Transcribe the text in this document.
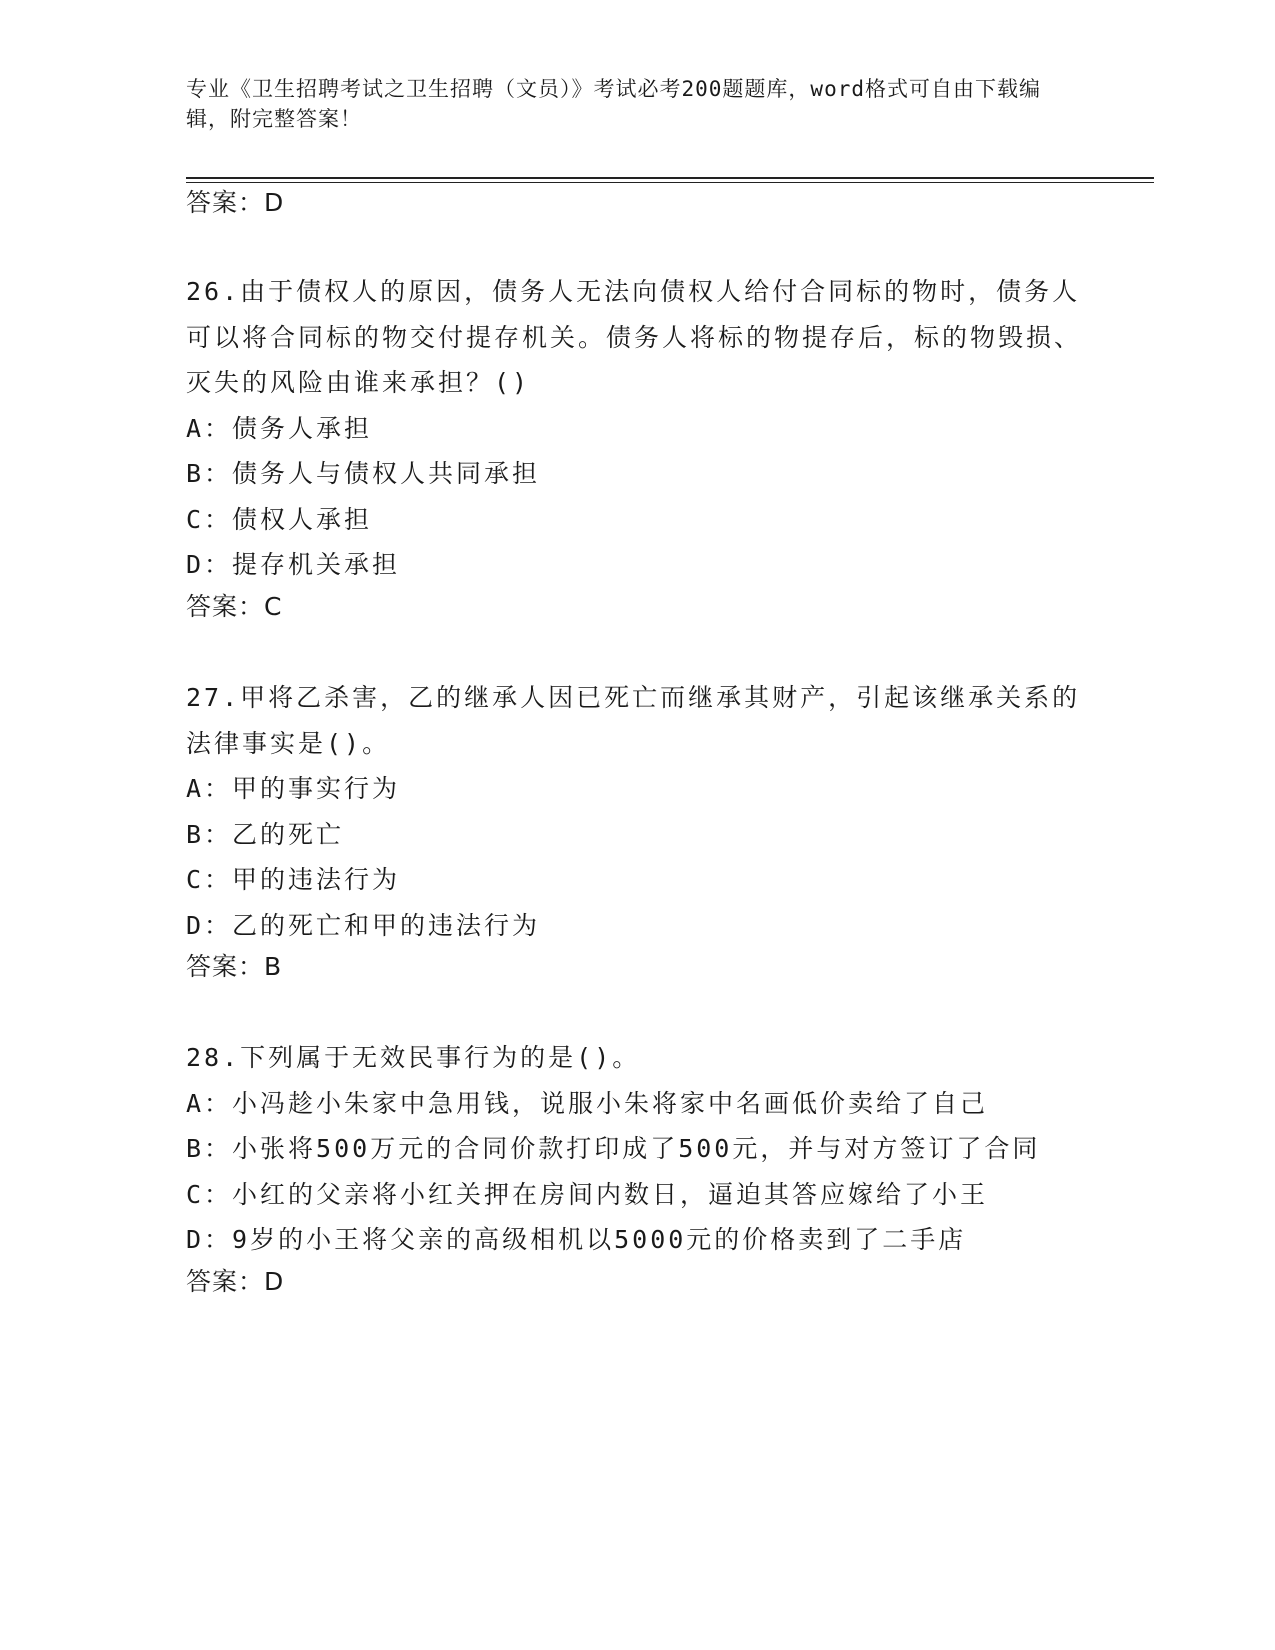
专业《卫生招聘考试之卫生招聘（文员）》考试必考200题题库，word格式可自由下载编辑，附完整答案！
答案：D
26.由于债权人的原因，债务人无法向债权人给付合同标的物时，债务人可以将合同标的物交付提存机关。债务人将标的物提存后，标的物毁损、灭失的风险由谁来承担？()
A：债务人承担
B：债务人与债权人共同承担
C：债权人承担
D：提存机关承担
答案：C
27.甲将乙杀害，乙的继承人因已死亡而继承其财产，引起该继承关系的法律事实是()。
A：甲的事实行为
B：乙的死亡
C：甲的违法行为
D：乙的死亡和甲的违法行为
答案：B
28.下列属于无效民事行为的是()。
A：小冯趁小朱家中急用钱，说服小朱将家中名画低价卖给了自己
B：小张将500万元的合同价款打印成了500元，并与对方签订了合同
C：小红的父亲将小红关押在房间内数日，逼迫其答应嫁给了小王
D：9岁的小王将父亲的高级相机以5000元的价格卖到了二手店
答案：D
